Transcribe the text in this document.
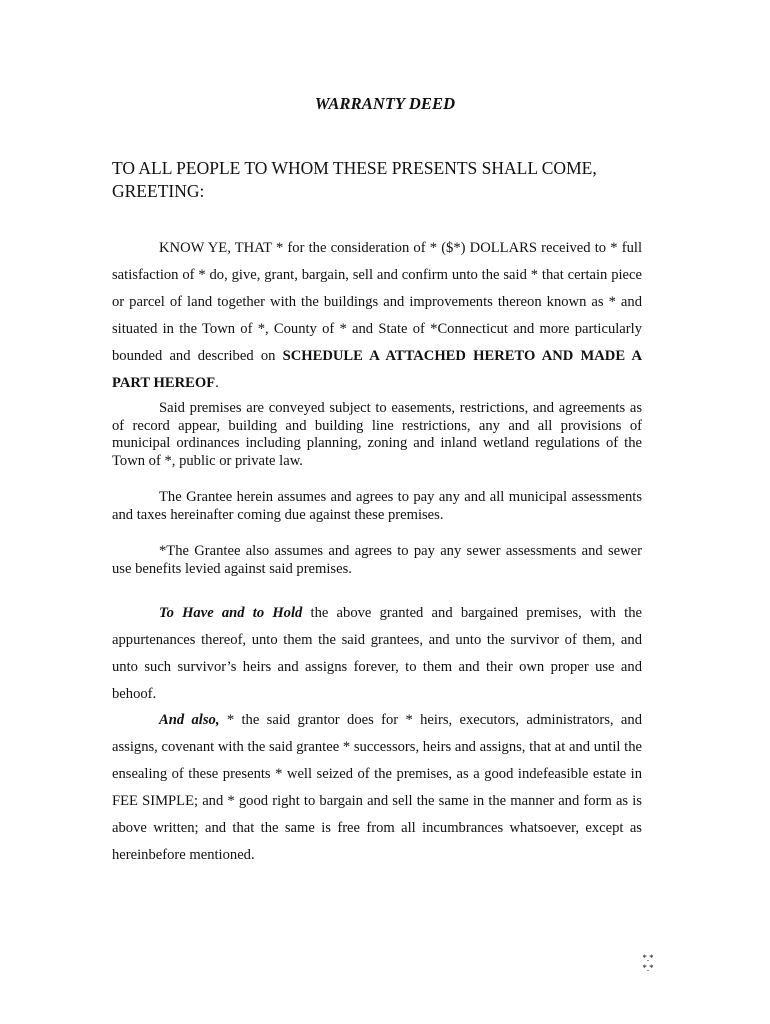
WARRANTY DEED
TO ALL PEOPLE TO WHOM THESE PRESENTS SHALL COME, GREETING:

KNOW YE, THAT * for the consideration of * ($*) DOLLARS received to * full satisfaction of * do, give, grant, bargain, sell and confirm unto the said * that certain piece or parcel of land together with the buildings and improvements thereon known as * and situated in the Town of *, County of * and State of *Connecticut and more particularly bounded and described on SCHEDULE A ATTACHED HERETO AND MADE A PART HEREOF.

Said premises are conveyed subject to easements, restrictions, and agreements as of record appear, building and building line restrictions, any and all provisions of municipal ordinances including planning, zoning and inland wetland regulations of the Town of *, public or private law.

The Grantee herein assumes and agrees to pay any and all municipal assessments and taxes hereinafter coming due against these premises.

*The Grantee also assumes and agrees to pay any sewer assessments and sewer use benefits levied against said premises.

To Have and to Hold the above granted and bargained premises, with the appurtenances thereof, unto them the said grantees, and unto the survivor of them, and unto such survivor’s heirs and assigns forever, to them and their own proper use and behoof.

And also, * the said grantor does for * heirs, executors, administrators, and assigns, covenant with the said grantee * successors, heirs and assigns, that at and until the ensealing of these presents * well seized of the premises, as a good indefeasible estate in FEE SIMPLE; and * good right to bargain and sell the same in the manner and form as is above written; and that the same is free from all incumbrances whatsoever, except as hereinbefore mentioned.

*.*
*.*
